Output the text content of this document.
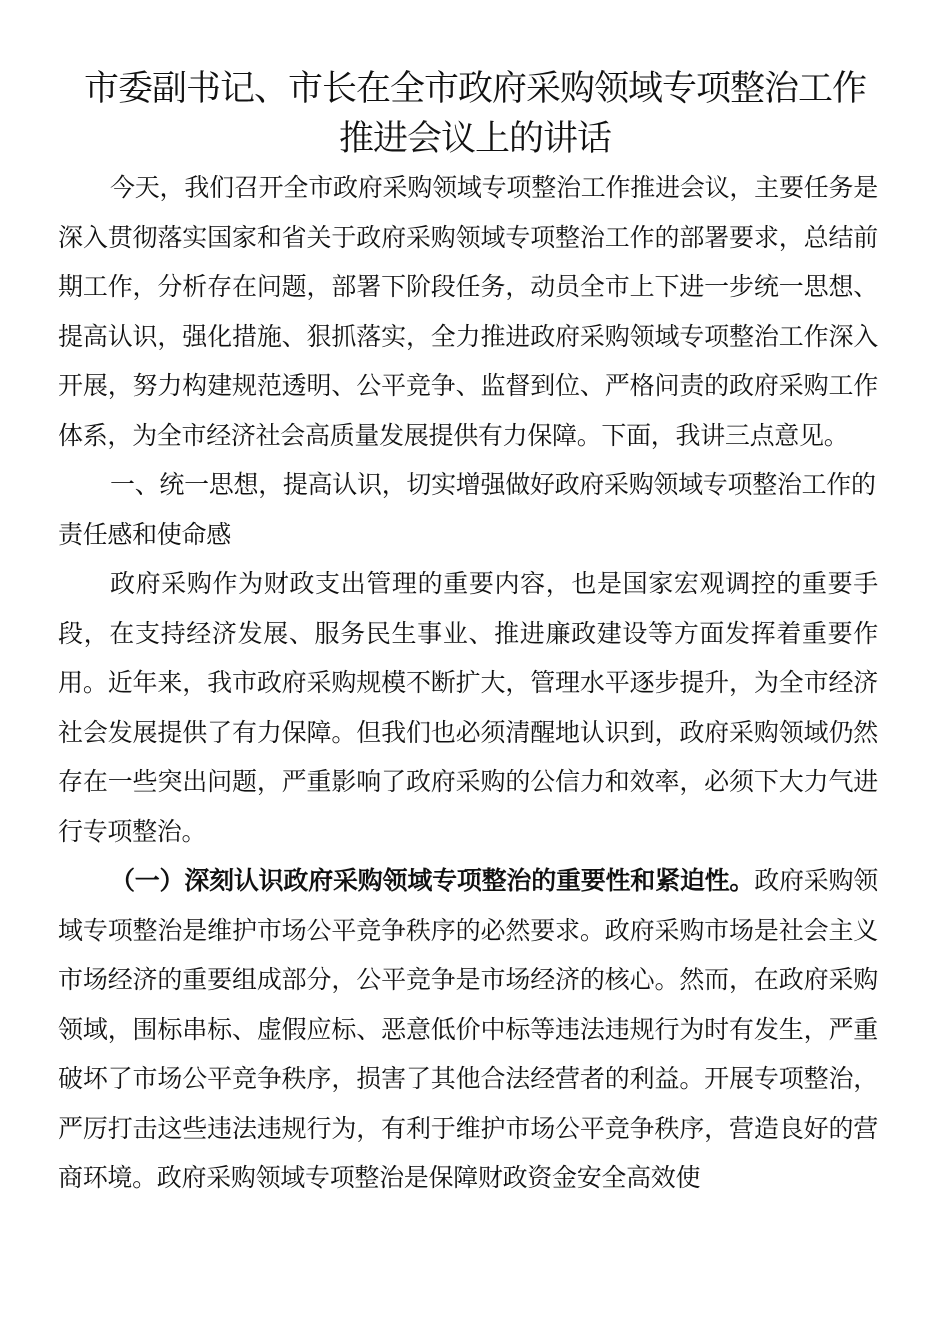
市委副书记、市长在全市政府采购领域专项整治工作
推进会议上的讲话

今天，我们召开全市政府采购领域专项整治工作推进会议，主要任务是深入贯彻落实国家和省关于政府采购领域专项整治工作的部署要求，总结前期工作，分析存在问题，部署下阶段任务，动员全市上下进一步统一思想、提高认识，强化措施、狠抓落实，全力推进政府采购领域专项整治工作深入开展，努力构建规范透明、公平竞争、监督到位、严格问责的政府采购工作体系，为全市经济社会高质量发展提供有力保障。下面，我讲三点意见。

一、统一思想，提高认识，切实增强做好政府采购领域专项整治工作的责任感和使命感

政府采购作为财政支出管理的重要内容，也是国家宏观调控的重要手段，在支持经济发展、服务民生事业、推进廉政建设等方面发挥着重要作用。近年来，我市政府采购规模不断扩大，管理水平逐步提升，为全市经济社会发展提供了有力保障。但我们也必须清醒地认识到，政府采购领域仍然存在一些突出问题，严重影响了政府采购的公信力和效率，必须下大力气进行专项整治。

（一）深刻认识政府采购领域专项整治的重要性和紧迫性。政府采购领域专项整治是维护市场公平竞争秩序的必然要求。政府采购市场是社会主义市场经济的重要组成部分，公平竞争是市场经济的核心。然而，在政府采购领域，围标串标、虚假应标、恶意低价中标等违法违规行为时有发生，严重破坏了市场公平竞争秩序，损害了其他合法经营者的利益。开展专项整治，严厉打击这些违法违规行为，有利于维护市场公平竞争秩序，营造良好的营商环境。政府采购领域专项整治是保障财政资金安全高效使
